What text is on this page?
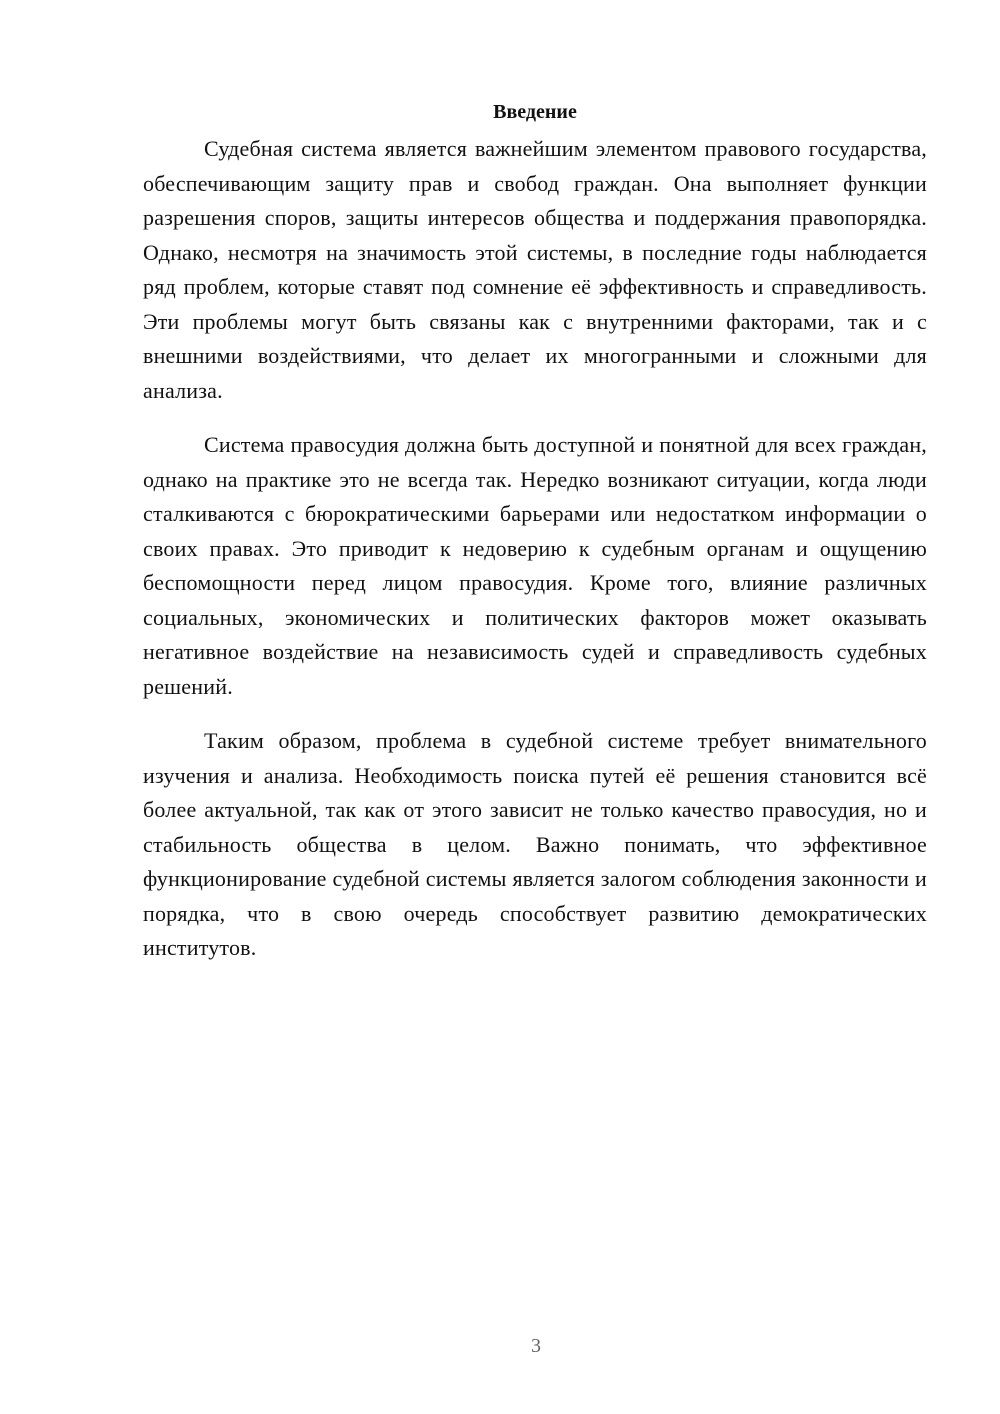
Введение

Судебная система является важнейшим элементом правового государства, обеспечивающим защиту прав и свобод граждан. Она выполняет функции разрешения споров, защиты интересов общества и поддержания правопорядка. Однако, несмотря на значимость этой системы, в последние годы наблюдается ряд проблем, которые ставят под сомнение её эффективность и справедливость. Эти проблемы могут быть связаны как с внутренними факторами, так и с внешними воздействиями, что делает их многогранными и сложными для анализа.

Система правосудия должна быть доступной и понятной для всех граждан, однако на практике это не всегда так. Нередко возникают ситуации, когда люди сталкиваются с бюрократическими барьерами или недостатком информации о своих правах. Это приводит к недоверию к судебным органам и ощущению беспомощности перед лицом правосудия. Кроме того, влияние различных социальных, экономических и политических факторов может оказывать негативное воздействие на независимость судей и справедливость судебных решений.

Таким образом, проблема в судебной системе требует внимательного изучения и анализа. Необходимость поиска путей её решения становится всё более актуальной, так как от этого зависит не только качество правосудия, но и стабильность общества в целом. Важно понимать, что эффективное функционирование судебной системы является залогом соблюдения законности и порядка, что в свою очередь способствует развитию демократических институтов.

3
